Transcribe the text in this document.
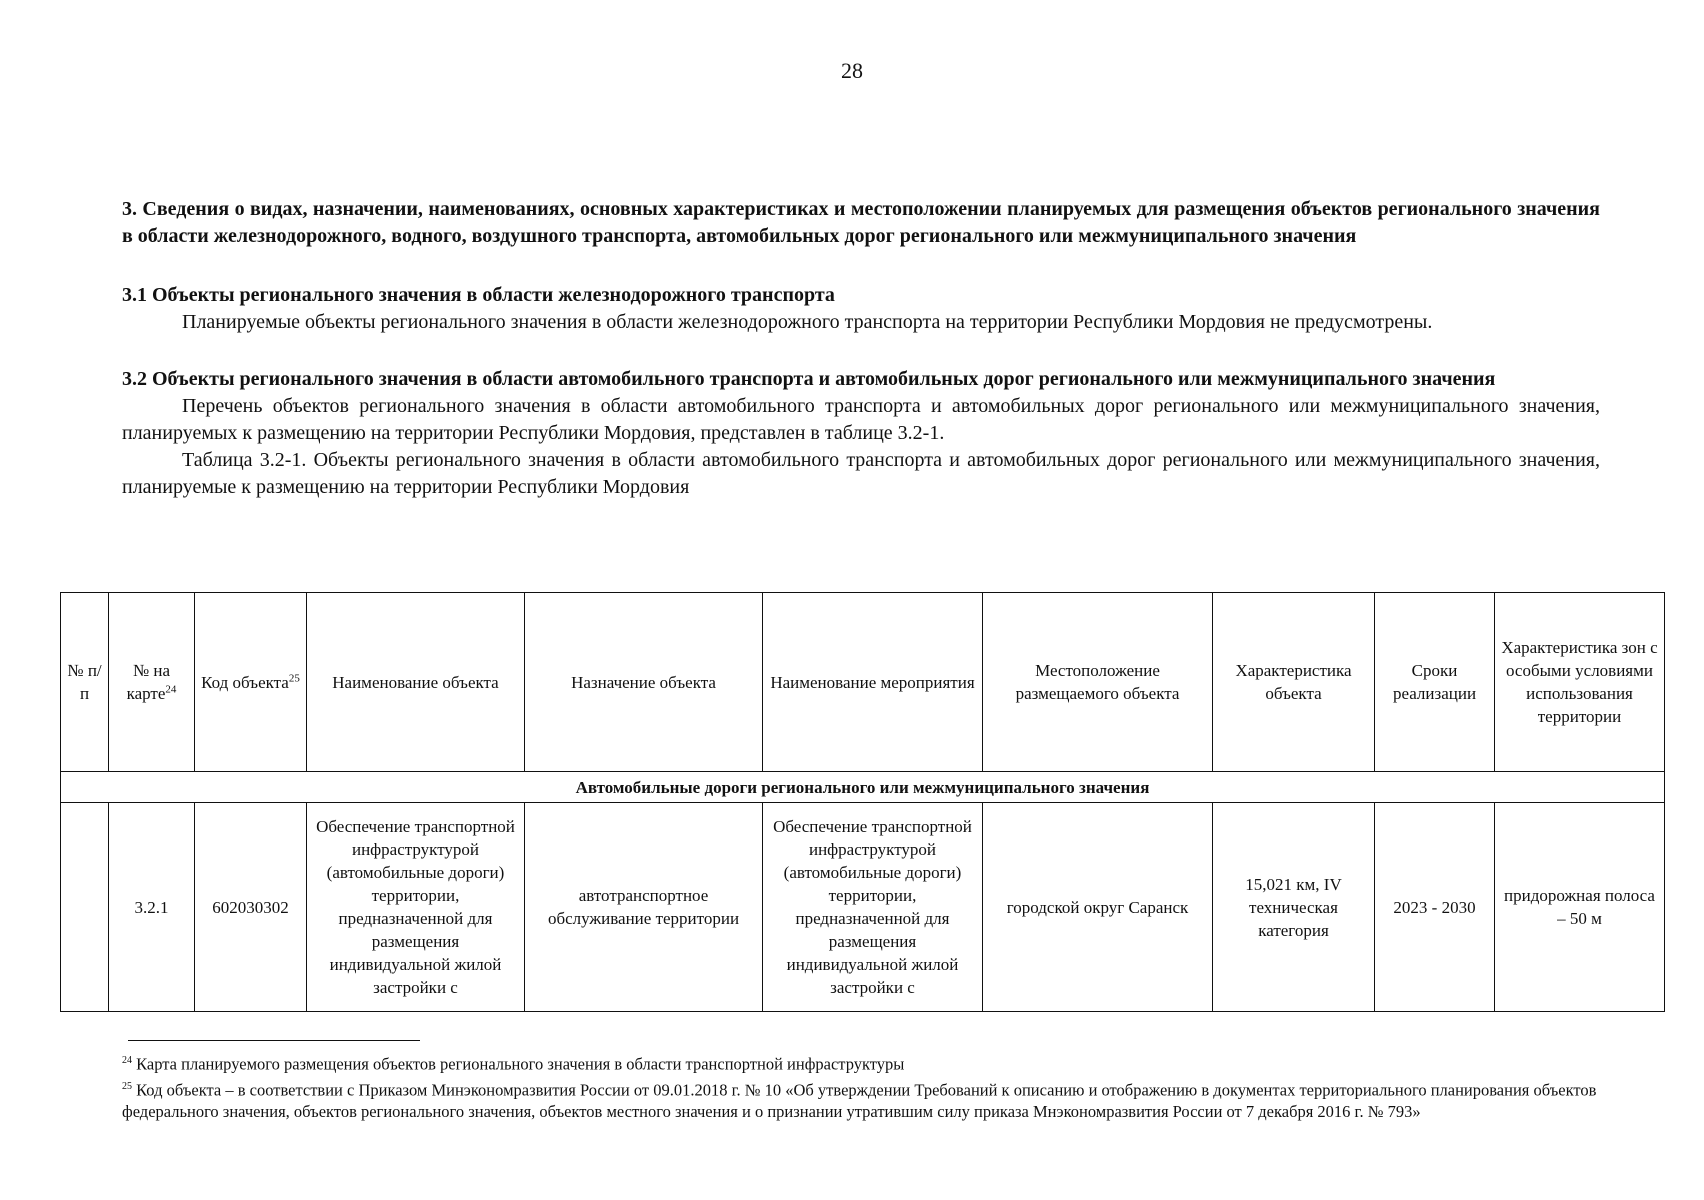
28

3. Сведения о видах, назначении, наименованиях, основных характеристиках и местоположении планируемых для размещения объектов регионального значения в области железнодорожного, водного, воздушного транспорта, автомобильных дорог регионального или межмуниципального значения

3.1 Объекты регионального значения в области железнодорожного транспорта

Планируемые объекты регионального значения в области железнодорожного транспорта на территории Республики Мордовия не предусмотрены.

3.2 Объекты регионального значения в области автомобильного транспорта и автомобильных дорог регионального или межмуниципального значения

Перечень объектов регионального значения в области автомобильного транспорта и автомобильных дорог регионального или межмуниципального значения, планируемых к размещению на территории Республики Мордовия, представлен в таблице 3.2-1.

Таблица 3.2-1. Объекты регионального значения в области автомобильного транспорта и автомобильных дорог регионального или межмуниципального значения, планируемые к размещению на территории Республики Мордовия

№ п/п	№ на карте$^{24}$	Код объекта$^{25}$	Наименование объекта	Назначение объекта	Наименование мероприятия	Местоположение размещаемого объекта	Характеристика объекта	Сроки реализации	Характеристика зон с особыми условиями использования территории
Автомобильные дороги регионального или межмуниципального значения									
	3.2.1	602030302	Обеспечение транспортной инфраструктурой (автомобильные дороги) территории, предназначенной для размещения индивидуальной жилой застройки с	автотранспортное обслуживание территории	Обеспечение транспортной инфраструктурой (автомобильные дороги) территории, предназначенной для размещения индивидуальной жилой застройки с	городской округ Саранск	15,021 км, IV техническая категория	2023 - 2030	придорожная полоса – 50 м

$^{24}$ Карта планируемого размещения объектов регионального значения в области транспортной инфраструктуры

$^{25}$ Код объекта – в соответствии с Приказом Минэкономразвития России от 09.01.2018 г. № 10 «Об утверждении Требований к описанию и отображению в документах территориального планирования объектов федерального значения, объектов регионального значения, объектов местного значения и о признании утратившим силу приказа Мнэкономразвития России от 7 декабря 2016 г. № 793»
